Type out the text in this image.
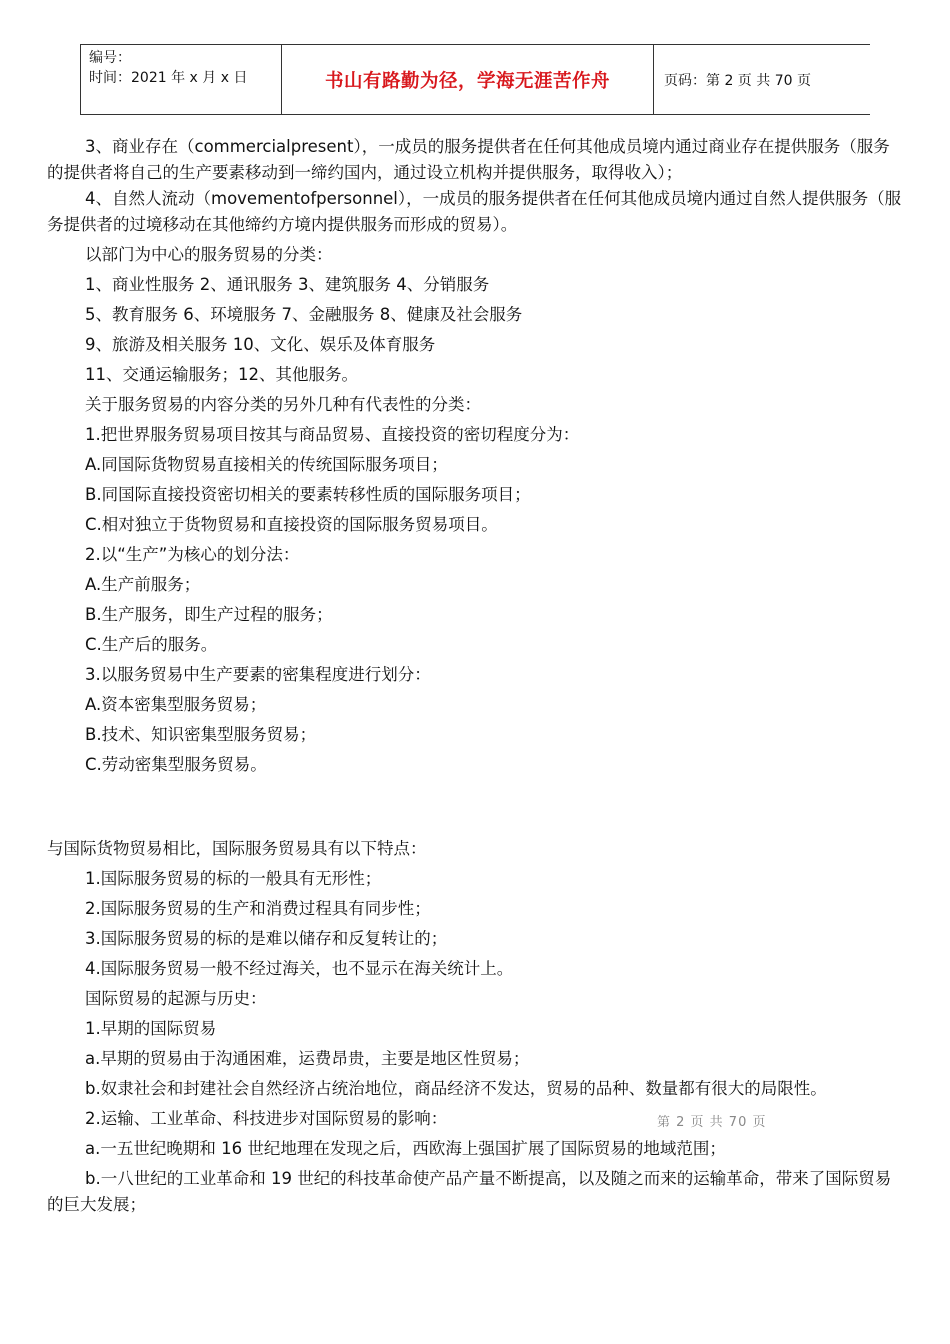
编号：
时间：2021 年 x 月 x 日	书山有路勤为径，学海无涯苦作舟	页码：第 2 页 共 70 页

3、商业存在（commercialpresent），一成员的服务提供者在任何其他成员境内通过商业存在提供服务（服务的提供者将自己的生产要素移动到一缔约国内，通过设立机构并提供服务，取得收入）；

4、自然人流动（movementofpersonnel），一成员的服务提供者在任何其他成员境内通过自然人提供服务（服务提供者的过境移动在其他缔约方境内提供服务而形成的贸易）。

以部门为中心的服务贸易的分类：

1、商业性服务 2、通讯服务 3、建筑服务 4、分销服务

5、教育服务 6、环境服务 7、金融服务 8、健康及社会服务

9、旅游及相关服务 10、文化、娱乐及体育服务

11、交通运输服务；12、其他服务。

关于服务贸易的内容分类的另外几种有代表性的分类：

1.把世界服务贸易项目按其与商品贸易、直接投资的密切程度分为：

A.同国际货物贸易直接相关的传统国际服务项目；

B.同国际直接投资密切相关的要素转移性质的国际服务项目；

C.相对独立于货物贸易和直接投资的国际服务贸易项目。

2.以“生产”为核心的划分法：

A.生产前服务；

B.生产服务，即生产过程的服务；

C.生产后的服务。

3.以服务贸易中生产要素的密集程度进行划分：

A.资本密集型服务贸易；

B.技术、知识密集型服务贸易；

C.劳动密集型服务贸易。

与国际货物贸易相比，国际服务贸易具有以下特点：

1.国际服务贸易的标的一般具有无形性；

2.国际服务贸易的生产和消费过程具有同步性；

3.国际服务贸易的标的是难以储存和反复转让的；

4.国际服务贸易一般不经过海关，也不显示在海关统计上。

国际贸易的起源与历史：

1.早期的国际贸易

a.早期的贸易由于沟通困难，运费昂贵，主要是地区性贸易；

b.奴隶社会和封建社会自然经济占统治地位，商品经济不发达，贸易的品种、数量都有很大的局限性。

2.运输、工业革命、科技进步对国际贸易的影响：

a.一五世纪晚期和 16 世纪地理在发现之后，西欧海上强国扩展了国际贸易的地域范围；

b.一八世纪的工业革命和 19 世纪的科技革命使产品产量不断提高，以及随之而来的运输革命，带来了国际贸易的巨大发展；

第 2 页 共 70 页
